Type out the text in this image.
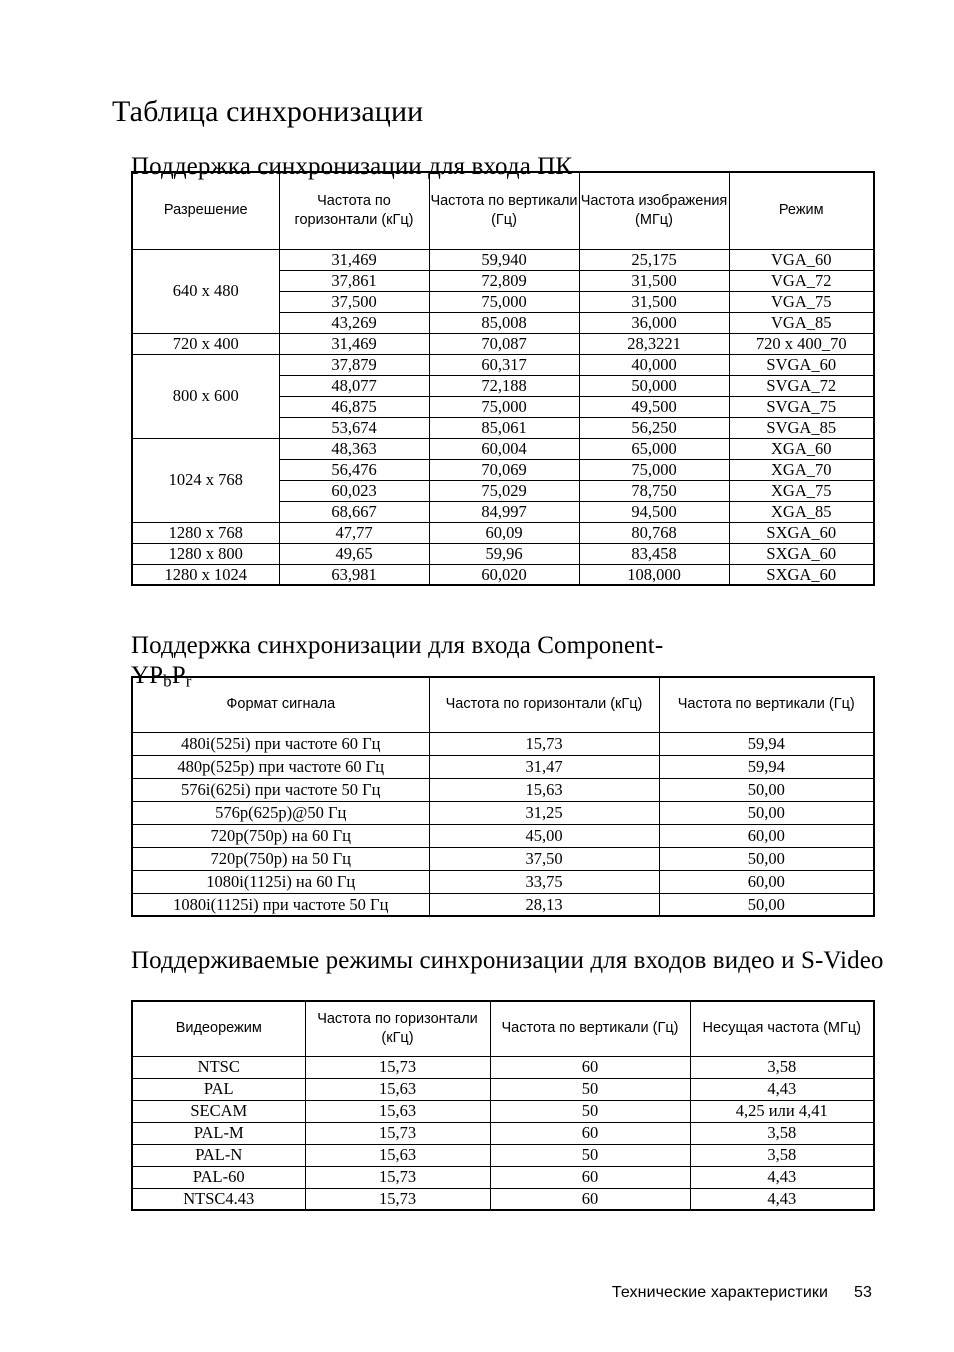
Таблица синхронизации
Поддержка синхронизации для входа ПК
Разрешение	Частота по горизонтали (кГц)	Частота по вертикали (Гц)	Частота изображения (МГц)	Режим
640 x 480	31,469	59,940	25,175	VGA_60
	37,861	72,809	31,500	VGA_72
	37,500	75,000	31,500	VGA_75
	43,269	85,008	36,000	VGA_85
720 x 400	31,469	70,087	28,3221	720 x 400_70
800 x 600	37,879	60,317	40,000	SVGA_60
	48,077	72,188	50,000	SVGA_72
	46,875	75,000	49,500	SVGA_75
	53,674	85,061	56,250	SVGA_85
1024 x 768	48,363	60,004	65,000	XGA_60
	56,476	70,069	75,000	XGA_70
	60,023	75,029	78,750	XGA_75
	68,667	84,997	94,500	XGA_85
1280 x 768	47,77	60,09	80,768	SXGA_60
1280 x 800	49,65	59,96	83,458	SXGA_60
1280 x 1024	63,981	60,020	108,000	SXGA_60
Поддержка синхронизации для входа Component-
$YP_bP_r$
Формат сигнала	Частота по горизонтали (кГц)	Частота по вертикали (Гц)
480i(525i) при частоте 60 Гц	15,73	59,94
480p(525p) при частоте 60 Гц	31,47	59,94
576i(625i) при частоте 50 Гц	15,63	50,00
576p(625p)@50 Гц	31,25	50,00
720p(750p) на 60 Гц	45,00	60,00
720p(750p) на 50 Гц	37,50	50,00
1080i(1125i) на 60 Гц	33,75	60,00
1080i(1125i) при частоте 50 Гц	28,13	50,00
Поддерживаемые режимы синхронизации для входов видео и S-Video
Видеорежим	Частота по горизонтали (кГц)	Частота по вертикали (Гц)	Несущая частота (МГц)
NTSC	15,73	60	3,58
PAL	15,63	50	4,43
SECAM	15,63	50	4,25 или 4,41
PAL-M	15,73	60	3,58
PAL-N	15,63	50	3,58
PAL-60	15,73	60	4,43
NTSC4.43	15,73	60	4,43
Технические характеристики 53
